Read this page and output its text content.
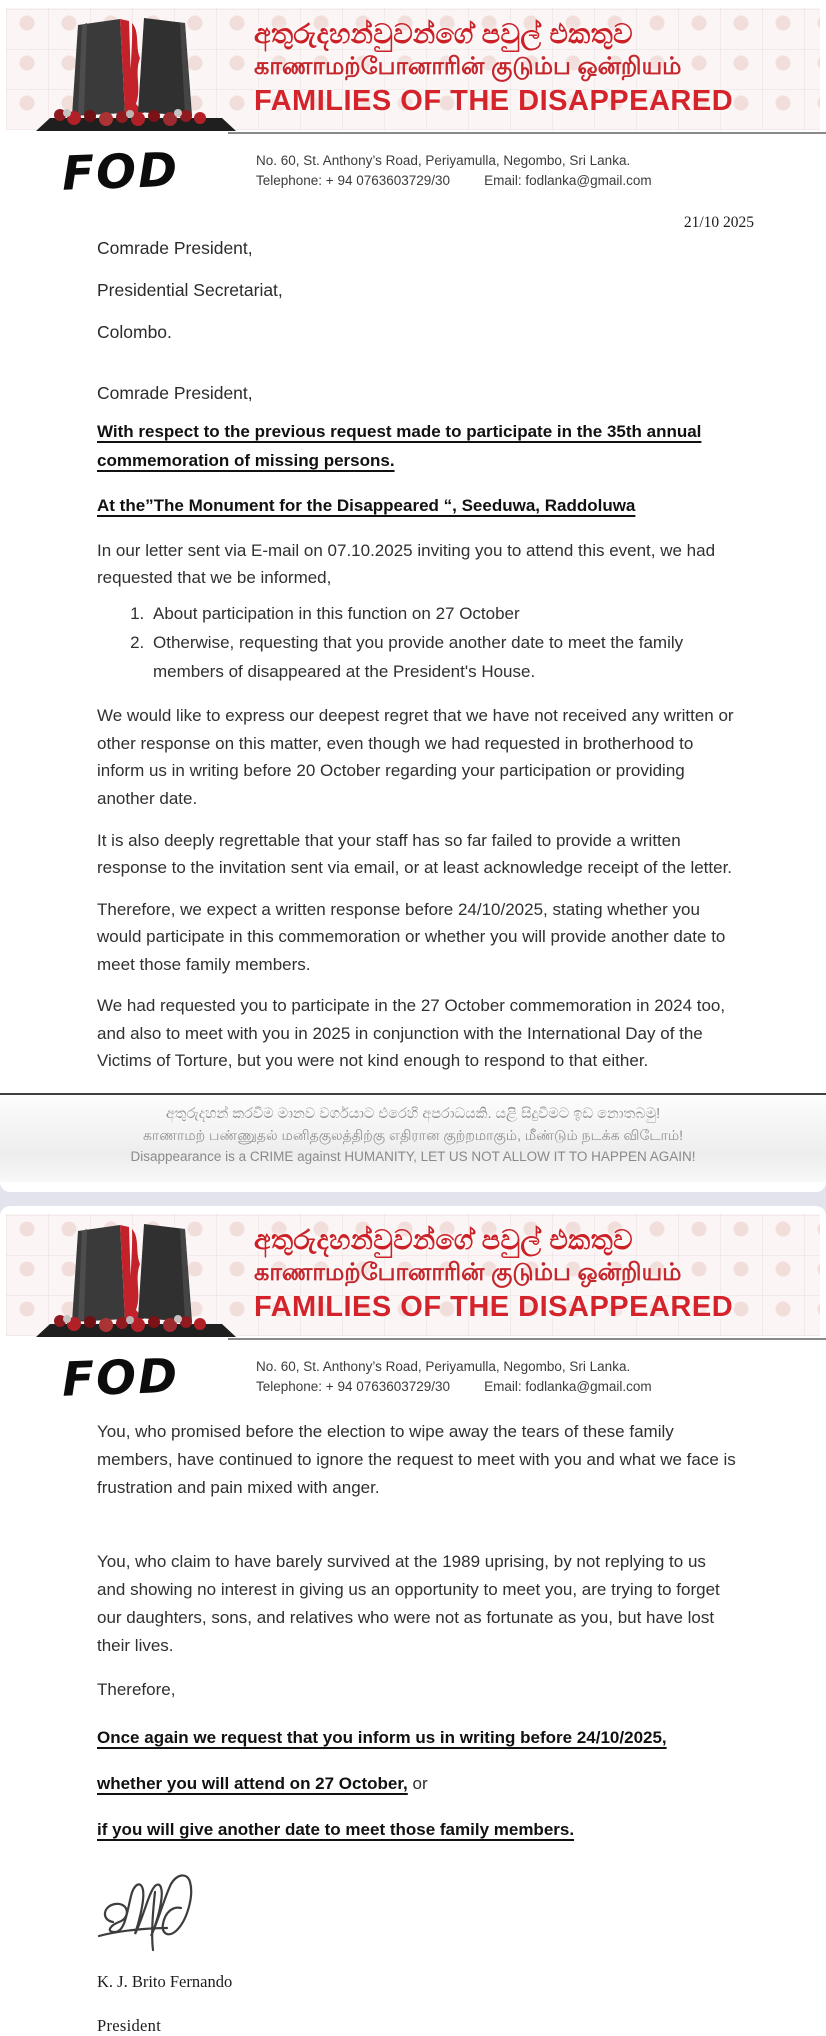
අතුරුදහන්වුවන්ගේ පවුල් එකතුව
காணாமற்போனாரின் குடும்ப ஒன்றியம்
FAMILIES OF THE DISAPPEARED
FOD	No. 60, St. Anthony’s Road, Periyamulla, Negombo, Sri Lanka.
Telephone: + 94 0763603729/30	Email: fodlanka@gmail.com
21/10 2025
Comrade President,
Presidential Secretariat,
Colombo.
Comrade President,
With respect to the previous request made to participate in the 35th annual commemoration of missing persons.
At the”The Monument for the Disappeared “, Seeduwa, Raddoluwa
In our letter sent via E-mail on 07.10.2025 inviting you to attend this event, we had requested that we be informed,
1. About participation in this function on 27 October
2. Otherwise, requesting that you provide another date to meet the family members of disappeared at the President's House.
We would like to express our deepest regret that we have not received any written or other response on this matter, even though we had requested in brotherhood to inform us in writing before 20 October regarding your participation or providing another date.
It is also deeply regrettable that your staff has so far failed to provide a written response to the invitation sent via email, or at least acknowledge receipt of the letter.
Therefore, we expect a written response before 24/10/2025, stating whether you would participate in this commemoration or whether you will provide another date to meet those family members.
We had requested you to participate in the 27 October commemoration in 2024 too, and also to meet with you in 2025 in conjunction with the International Day of the Victims of Torture, but you were not kind enough to respond to that either.
අතුරුදහන් කරවීම මානව වර්ගයාට එරෙහි අපරාධයකි. යළි සිදුවීමට ඉඩ නොතබමු!
காணாமற் பண்ணுதல் மனிதகுலத்திற்கு எதிரான குற்றமாகும், மீண்டும் நடக்க விடோம்!
Disappearance is a CRIME against HUMANITY, LET US NOT ALLOW IT TO HAPPEN AGAIN!
අතුරුදහන්වුවන්ගේ පවුල් එකතුව
காணாமற்போனாரின் குடும்ப ஒன்றியம்
FAMILIES OF THE DISAPPEARED
FOD	No. 60, St. Anthony’s Road, Periyamulla, Negombo, Sri Lanka.
Telephone: + 94 0763603729/30	Email: fodlanka@gmail.com
You, who promised before the election to wipe away the tears of these family members, have continued to ignore the request to meet with you and what we face is frustration and pain mixed with anger.
You, who claim to have barely survived at the 1989 uprising, by not replying to us and showing no interest in giving us an opportunity to meet you, are trying to forget our daughters, sons, and relatives who were not as fortunate as you, but have lost their lives.
Therefore,
Once again we request that you inform us in writing before 24/10/2025,
whether you will attend on 27 October, or
if you will give another date to meet those family members.
K. J. Brito Fernando
President
